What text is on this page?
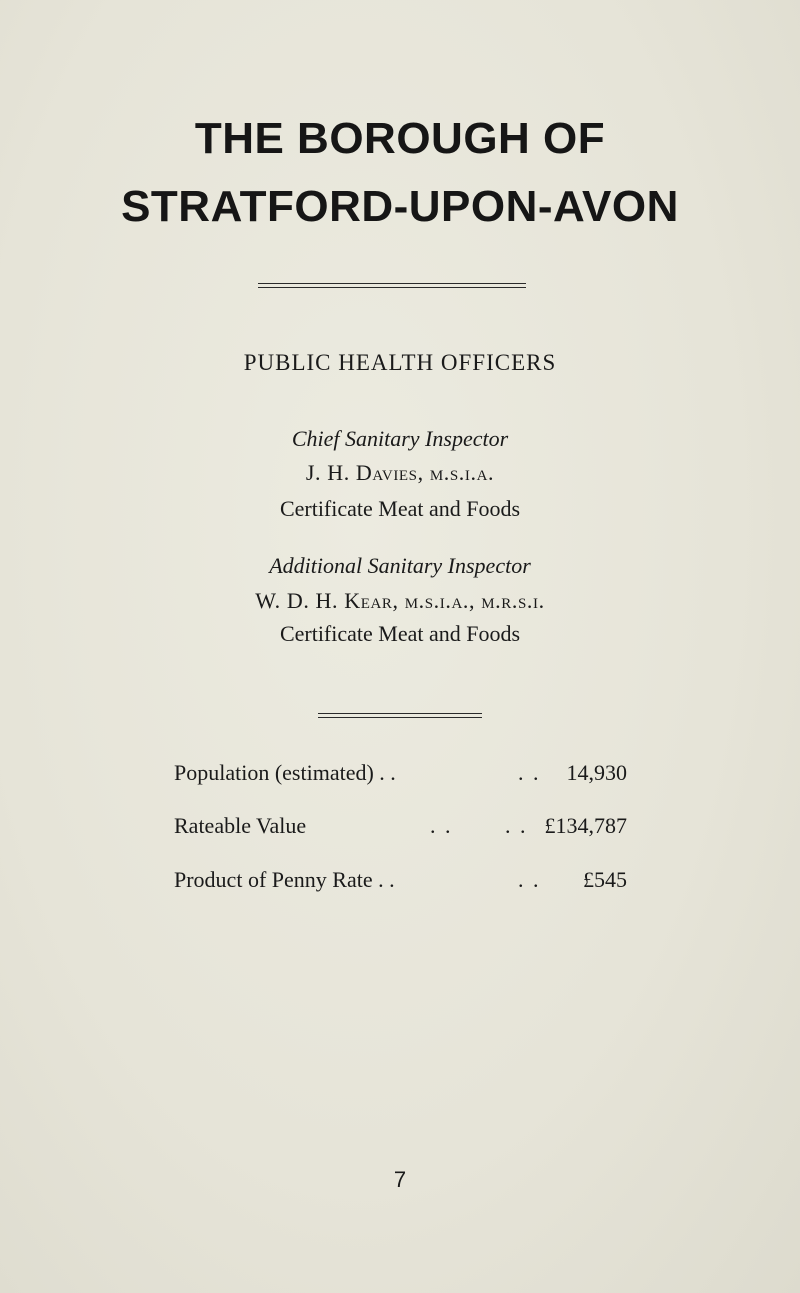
THE BOROUGH OF
STRATFORD-UPON-AVON
PUBLIC HEALTH OFFICERS
Chief Sanitary Inspector
J. H. Davies, m.s.i.a.
Certificate Meat and Foods
Additional Sanitary Inspector
W. D. H. Kear, m.s.i.a., m.r.s.i.
Certificate Meat and Foods
Population (estimated) . .	. . 14,930
Rateable Value	. .       . . £134,787
Product of Penny Rate . .	. . £545
7
